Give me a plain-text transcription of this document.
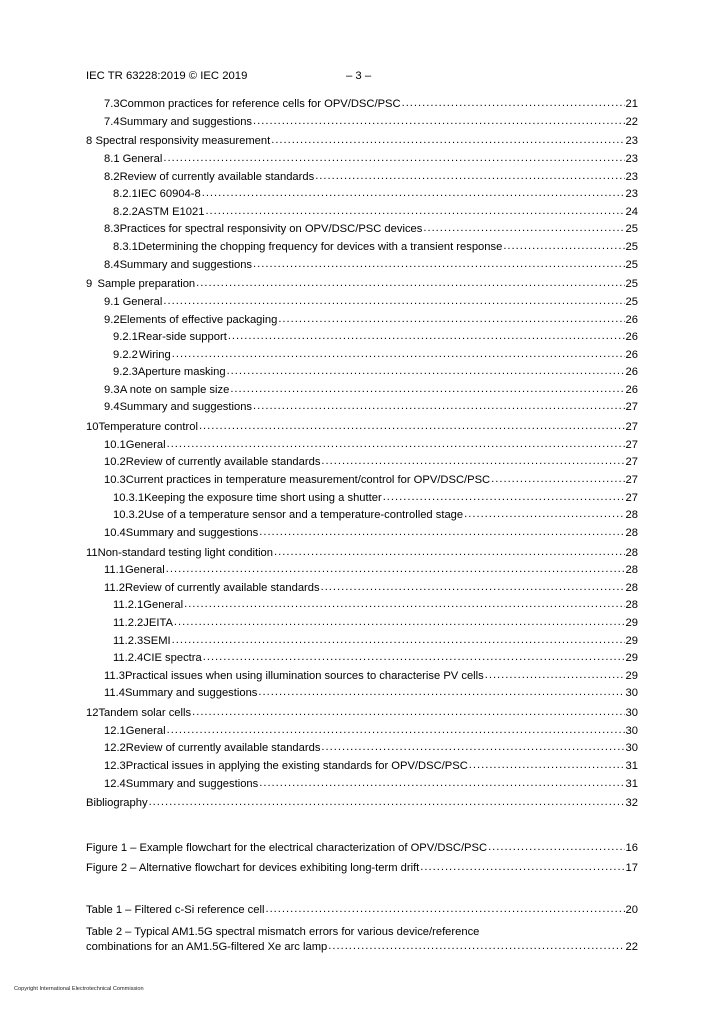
IEC TR 63228:2019 © IEC 2019	– 3 –
7.3 Common practices for reference cells for OPV/DSC/PSC .....	21
7.4 Summary and suggestions .....	22
8 Spectral responsivity measurement .....	23
8.1 General .....	23
8.2 Review of currently available standards .....	23
8.2.1 IEC 60904-8 .....	23
8.2.2 ASTM E1021 .....	24
8.3 Practices for spectral responsivity on OPV/DSC/PSC devices .....	25
8.3.1 Determining the chopping frequency for devices with a transient response .....	25
8.4 Summary and suggestions .....	25
9 Sample preparation .....	25
9.1 General .....	25
9.2 Elements of effective packaging .....	26
9.2.1 Rear-side support .....	26
9.2.2 Wiring .....	26
9.2.3 Aperture masking .....	26
9.3 A note on sample size .....	26
9.4 Summary and suggestions .....	27
10 Temperature control .....	27
10.1 General .....	27
10.2 Review of currently available standards .....	27
10.3 Current practices in temperature measurement/control for OPV/DSC/PSC .....	27
10.3.1 Keeping the exposure time short using a shutter .....	27
10.3.2 Use of a temperature sensor and a temperature-controlled stage .....	28
10.4 Summary and suggestions .....	28
11 Non-standard testing light condition .....	28
11.1 General .....	28
11.2 Review of currently available standards .....	28
11.2.1 General .....	28
11.2.2 JEITA .....	29
11.2.3 SEMI .....	29
11.2.4 CIE spectra .....	29
11.3 Practical issues when using illumination sources to characterise PV cells .....	29
11.4 Summary and suggestions .....	30
12 Tandem solar cells .....	30
12.1 General .....	30
12.2 Review of currently available standards .....	30
12.3 Practical issues in applying the existing standards for OPV/DSC/PSC .....	31
12.4 Summary and suggestions .....	31
Bibliography .....	32
Figure 1 – Example flowchart for the electrical characterization of OPV/DSC/PSC .....	16
Figure 2 – Alternative flowchart for devices exhibiting long-term drift .....	17
Table 1 – Filtered c-Si reference cell .....	20
Table 2 – Typical AM1.5G spectral mismatch errors for various device/reference
combinations for an AM1.5G-filtered Xe arc lamp .....	22
Copyright International Electrotechnical Commission
